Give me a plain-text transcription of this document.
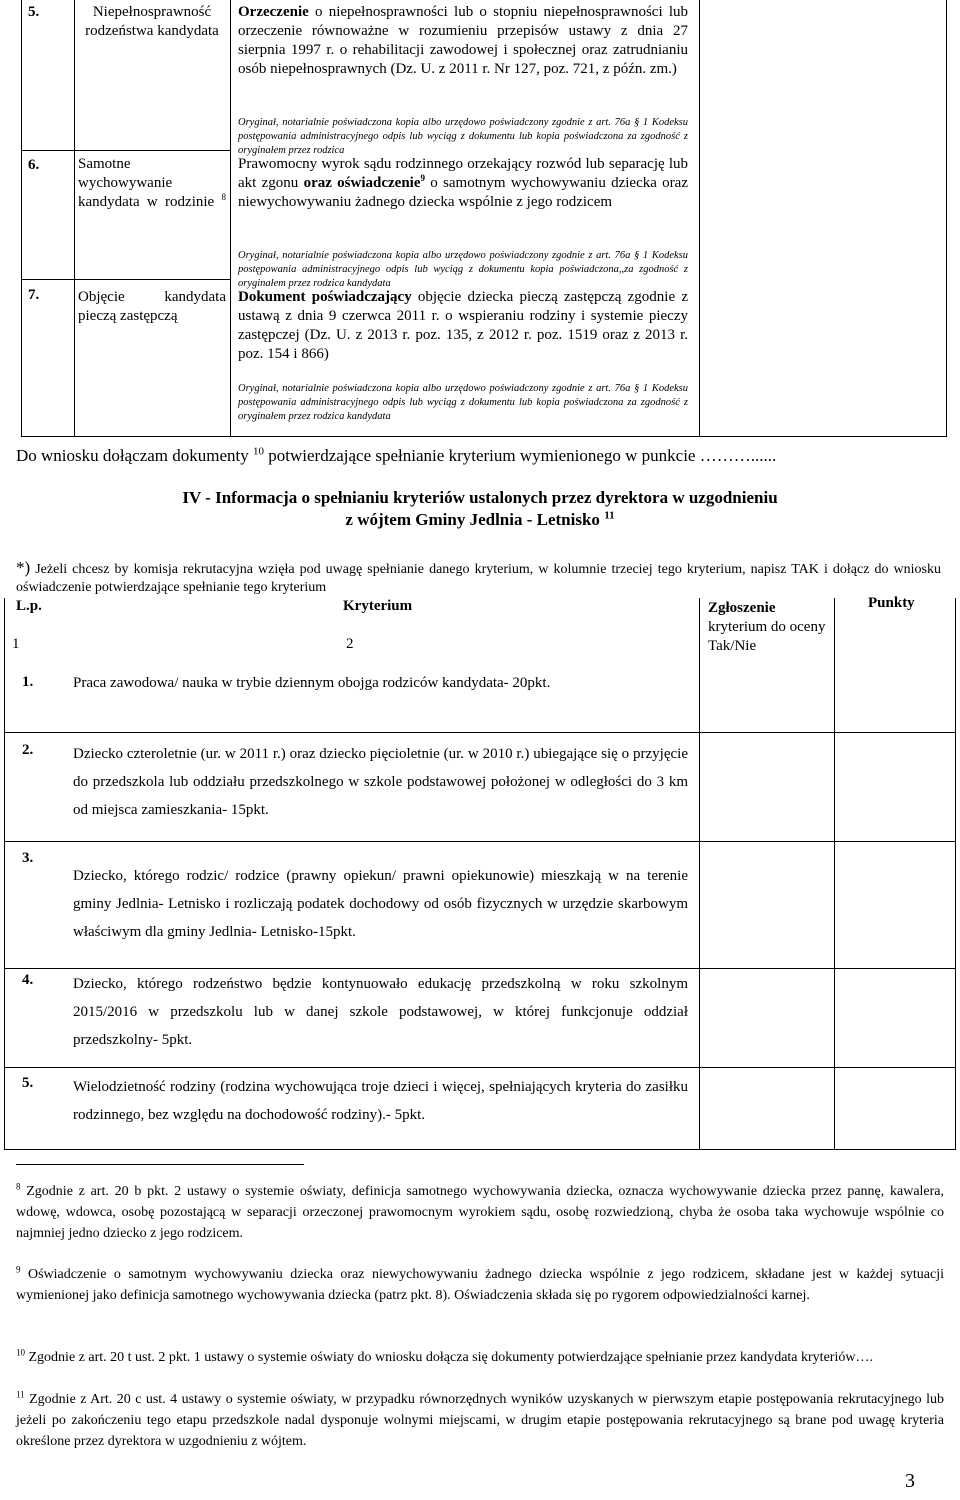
5.	Niepełnosprawność rodzeństwa kandydata
Orzeczenie o niepełnosprawności lub o stopniu niepełnosprawności lub orzeczenie równoważne w rozumieniu przepisów ustawy z dnia 27 sierpnia 1997 r. o rehabilitacji zawodowej i społecznej oraz zatrudnianiu osób niepełnosprawnych (Dz. U. z 2011 r. Nr 127, poz. 721, z późn. zm.)
Oryginał, notarialnie poświadczona kopia albo urzędowo poświadczony zgodnie z art. 76a § 1 Kodeksu postępowania administracyjnego odpis lub wyciąg z dokumentu lub kopia poświadczona za zgodność z oryginałem przez rodzica
6.	Samotne wychowywanie kandydata w rodzinie $^8$
Prawomocny wyrok sądu rodzinnego orzekający rozwód lub separację lub akt zgonu oraz oświadczenie$^9$ o samotnym wychowywaniu dziecka oraz niewychowywaniu żadnego dziecka wspólnie z jego rodzicem
Oryginał, notarialnie poświadczona kopia albo urzędowo poświadczony zgodnie z art. 76a § 1 Kodeksu postępowania administracyjnego odpis lub wyciąg z dokumentu kopia poświadczona,,za zgodność z oryginałem przez rodzica kandydata
7.	Objęcie kandydata pieczą zastępczą
Dokument poświadczający objęcie dziecka pieczą zastępczą zgodnie z ustawą z dnia 9 czerwca 2011 r. o wspieraniu rodziny i systemie pieczy zastępczej (Dz. U. z 2013 r. poz. 135, z 2012 r. poz. 1519 oraz z 2013 r. poz. 154 i 866)
Oryginał, notarialnie poświadczona kopia albo urzędowo poświadczony zgodnie z art. 76a § 1 Kodeksu postępowania administracyjnego odpis lub wyciąg z dokumentu lub kopia poświadczona za zgodność z oryginałem przez rodzica kandydata
Do wniosku dołączam dokumenty $^{10}$ potwierdzające spełnianie kryterium wymienionego w punkcie ………......
IV - Informacja o spełnianiu kryteriów ustalonych przez dyrektora w uzgodnieniu
z wójtem Gminy Jedlnia - Letnisko $^{11}$
*) Jeżeli chcesz by komisja rekrutacyjna wzięła pod uwagę spełnianie danego kryterium, w kolumnie trzeciej tego kryterium, napisz TAK i dołącz do wniosku oświadczenie potwierdzające spełnianie tego kryterium
L.p.	Kryterium	Zgłoszenie
kryterium do oceny Tak/Nie
Punkty
1	2
1.	Praca zawodowa/ nauka w trybie dziennym obojga rodziców kandydata- 20pkt.
2.	Dziecko czteroletnie (ur. w 2011 r.) oraz dziecko pięcioletnie (ur. w 2010 r.) ubiegające się o przyjęcie do przedszkola lub oddziału przedszkolnego w szkole podstawowej położonej w odległości do 3 km od miejsca zamieszkania- 15pkt.
3.
Dziecko, którego rodzic/ rodzice (prawny opiekun/ prawni opiekunowie) mieszkają w na terenie gminy Jedlnia- Letnisko i rozliczają podatek dochodowy od osób fizycznych w urzędzie skarbowym właściwym dla gminy Jedlnia- Letnisko-15pkt.
4.	Dziecko, którego rodzeństwo będzie kontynuowało edukację przedszkolną w roku szkolnym 2015/2016 w przedszkolu lub w danej szkole podstawowej, w której funkcjonuje oddział przedszkolny- 5pkt.
5.	Wielodzietność rodziny (rodzina wychowująca troje dzieci i więcej, spełniających kryteria do zasiłku rodzinnego, bez względu na dochodowość rodziny).- 5pkt.
$^8$ Zgodnie z art. 20 b pkt. 2 ustawy o systemie oświaty, definicja samotnego wychowywania dziecka, oznacza wychowywanie dziecka przez pannę, kawalera, wdowę, wdowca, osobę pozostającą w separacji orzeczonej prawomocnym wyrokiem sądu, osobę rozwiedzioną, chyba że osoba taka wychowuje wspólnie co najmniej jedno dziecko z jego rodzicem.
$^9$ Oświadczenie o samotnym wychowywaniu dziecka oraz niewychowywaniu żadnego dziecka wspólnie z jego rodzicem, składane jest w każdej sytuacji wymienionej jako definicja samotnego wychowywania dziecka (patrz pkt. 8). Oświadczenia składa się po rygorem odpowiedzialności karnej.
$^{10}$ Zgodnie z art. 20 t ust. 2 pkt. 1 ustawy o systemie oświaty do wniosku dołącza się dokumenty potwierdzające spełnianie przez kandydata kryteriów….
$^{11}$ Zgodnie z Art. 20 c ust. 4 ustawy o systemie oświaty, w przypadku równorzędnych wyników uzyskanych w pierwszym etapie postępowania rekrutacyjnego lub jeżeli po zakończeniu tego etapu przedszkole nadal dysponuje wolnymi miejscami, w drugim etapie postępowania rekrutacyjnego są brane pod uwagę kryteria określone przez dyrektora w uzgodnieniu z wójtem.
3
